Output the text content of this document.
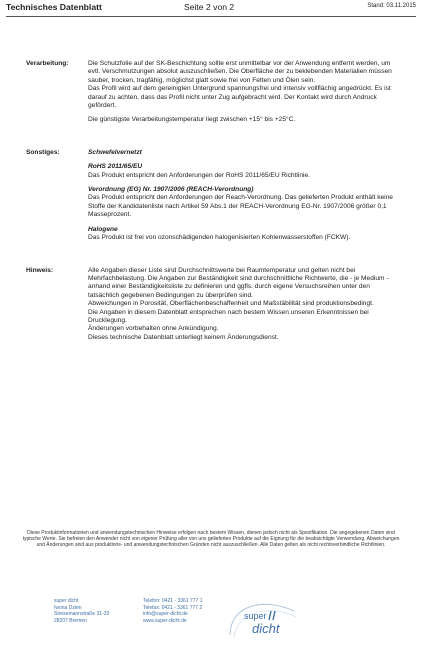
Technisches Datenblatt	Seite 2 von 2	Stand: 03.11.2015
Verarbeitung:	Die Schutzfolie auf der SK-Beschichtung sollte erst unmittelbar vor der Anwendung entfernt werden, um evtl. Verschmutzungen absolut auszuschließen. Die Oberfläche der zu beklebenden Materialien müssen sauber, trocken, tragfähig, möglichst glatt sowie frei von Fetten und Ölen sein.

Das Profil wird auf dem gereinigten Untergrund spannungsfrei und intensiv vollflächig angedrückt. Es ist darauf zu achten, dass das Profil nicht unter Zug aufgebracht wird. Der Kontakt wird durch Andruck gefördert.

Die günstigste Verarbeitungstemperatur liegt zwischen +15° bis +25°C.

Sonstiges:	Schwefelvernetzt

RoHS 2011/65/EU

Das Produkt entspricht den Anforderungen der RoHS 2011/65/EU Richtlinie.

Verordnung (EG) Nr. 1907/2006 (REACH-Verordnung)

Das Produkt entspricht den Anforderungen der Reach-Verordnung. Das gelieferten Produkt enthält keine Stoffe der Kandidatenliste nach Artikel 59 Abs.1 der REACH-Verordnung EG-Nr. 1907/2006 größer 0,1 Masseprozent.

Halogene

Das Produkt ist frei von ozonschädigenden halogenisierten Kohlenwasserstoffen (FCKW).

Hinweis:	Alle Angaben dieser Liste sind Durchschnittswerte bei Raumtemperatur und gelten nicht bei Mehrfachbelastung. Die Angaben zur Beständigkeit sind durchschnittliche Richtwerte, die - je Medium - anhand einer Beständigkeitsliste zu definieren und ggfls. durch eigene Versuchsreihen unter den tatsächlich gegebenen Bedingungen zu überprüfen sind.

Abweichungen in Porosität, Oberflächenbeschaffenheit und Maßstäbilität sind produktionsbedingt.

Die Angaben in diesem Datenblatt entsprechen nach bestem Wissen unseren Erkenntnissen bei Drucklegung.

Änderungen vorbehalten ohne Ankündigung.

Dieses technische Datenblatt unterliegt keinem Änderungsdienst.

Diese Produktinformationen und anwendungstechnischen Hinweise erfolgen nach bestem Wissen, dienen jedoch nicht als Spezifikation. Die angegebenen Daten sind typische Werte. Sie befreien den Anwender nicht von eigener Prüfung aller von uns gelieferten Produkte auf die Eignung für die beabsichtigte Verwendung. Abweichungen und Änderungen sind aus produktions- und anwendungstechnischen Gründen nicht auszuschließen. Alle Daten gelten als nicht rechtsverbindliche Richtlinien.
super dicht
Iwona Dzien
Stresemannstraße 31-33
28207 Bremen
Telefon: 0421 - 3361 777 1
Telefax: 0421 - 3361 777 2
info@super-dicht.de
www.super-dicht.de	super
dicht
